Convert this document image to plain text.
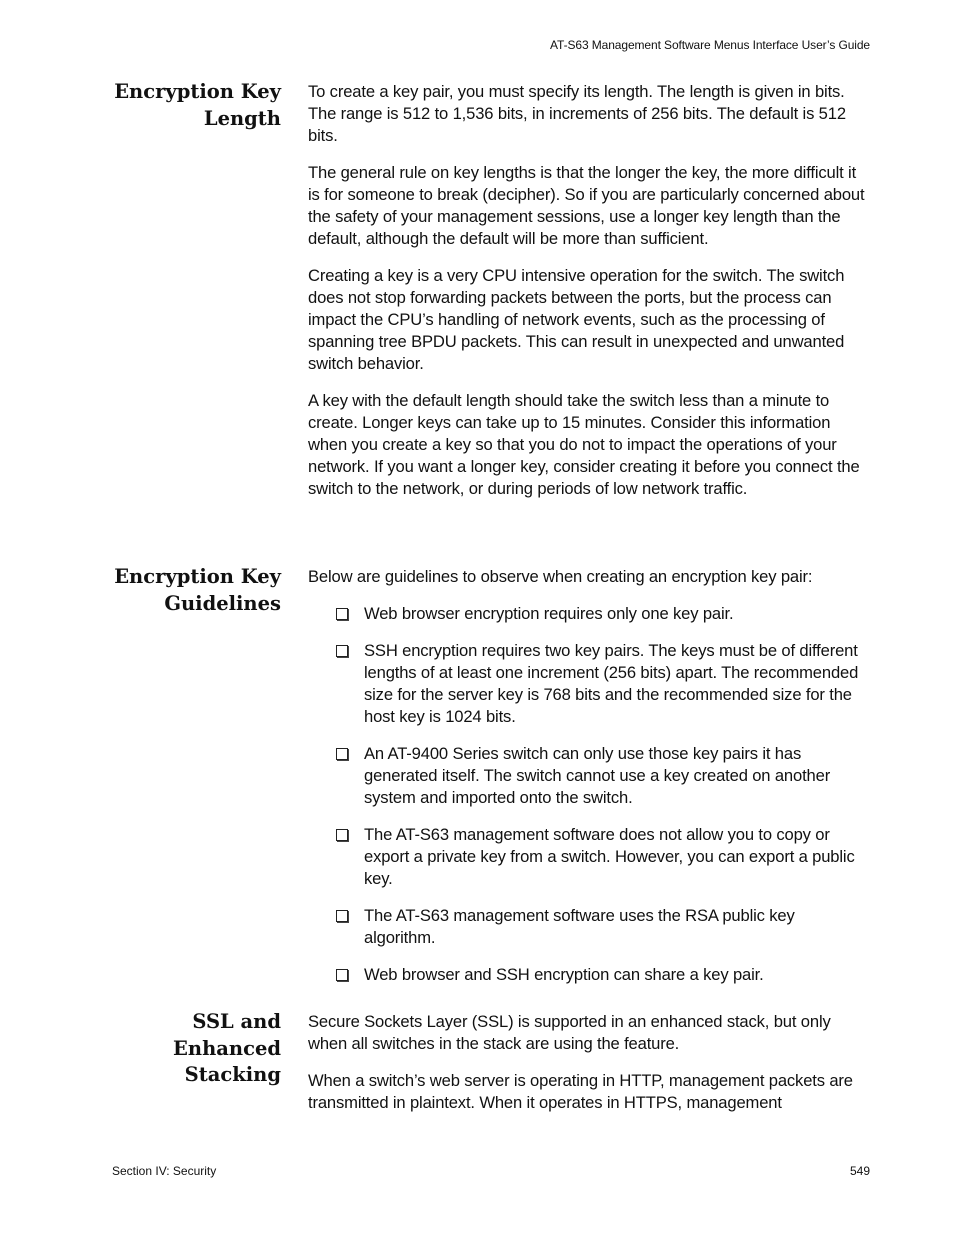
AT-S63 Management Software Menus Interface User’s Guide
Encryption Key
Length

To create a key pair, you must specify its length. The length is given in bits. The range is 512 to 1,536 bits, in increments of 256 bits. The default is 512 bits.

The general rule on key lengths is that the longer the key, the more difficult it is for someone to break (decipher). So if you are particularly concerned about the safety of your management sessions, use a longer key length than the default, although the default will be more than sufficient.

Creating a key is a very CPU intensive operation for the switch. The switch does not stop forwarding packets between the ports, but the process can impact the CPU’s handling of network events, such as the processing of spanning tree BPDU packets. This can result in unexpected and unwanted switch behavior.

A key with the default length should take the switch less than a minute to create. Longer keys can take up to 15 minutes. Consider this information when you create a key so that you do not to impact the operations of your network. If you want a longer key, consider creating it before you connect the switch to the network, or during periods of low network traffic.

Encryption Key
Guidelines

Below are guidelines to observe when creating an encryption key pair:

Web browser encryption requires only one key pair.
SSH encryption requires two key pairs. The keys must be of different lengths of at least one increment (256 bits) apart. The recommended size for the server key is 768 bits and the recommended size for the host key is 1024 bits.
An AT-9400 Series switch can only use those key pairs it has generated itself. The switch cannot use a key created on another system and imported onto the switch.
The AT-S63 management software does not allow you to copy or export a private key from a switch. However, you can export a public key.
The AT-S63 management software uses the RSA public key algorithm.
Web browser and SSH encryption can share a key pair.
SSL and
Enhanced
Stacking

Secure Sockets Layer (SSL) is supported in an enhanced stack, but only when all switches in the stack are using the feature.

When a switch’s web server is operating in HTTP, management packets are transmitted in plaintext. When it operates in HTTPS, management

Section IV: Security	549
